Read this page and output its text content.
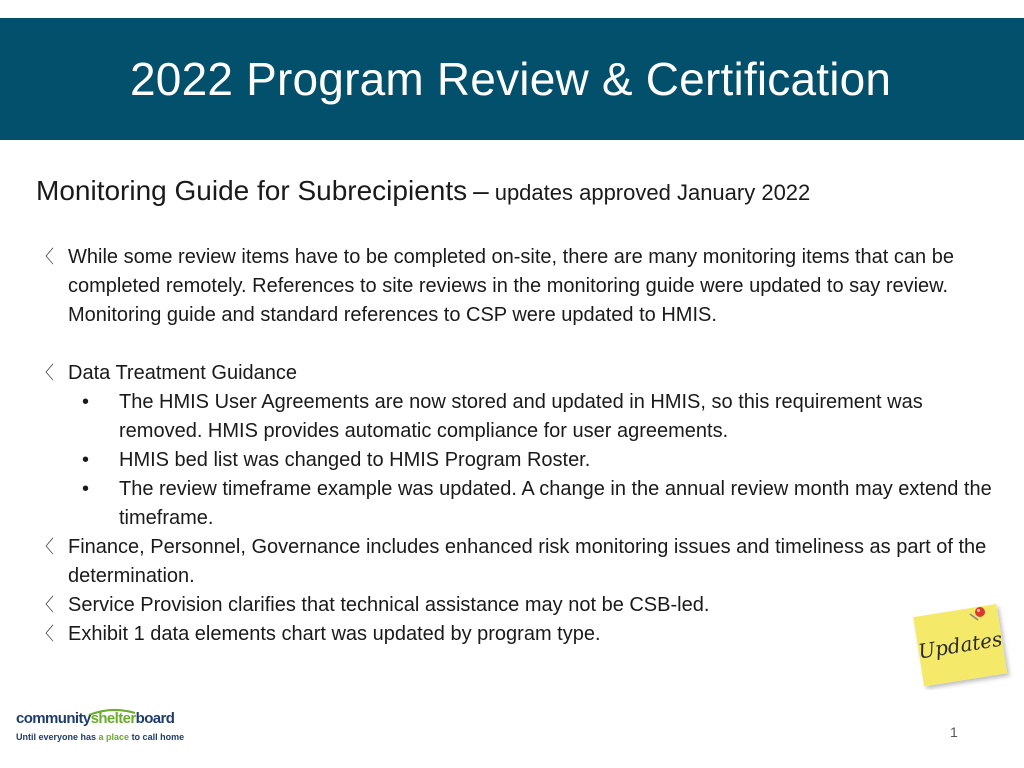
2022 Program Review & Certification
Monitoring Guide for Subrecipients – updates approved January 2022
〈 While some review items have to be completed on-site, there are many monitoring items that can be completed remotely. References to site reviews in the monitoring guide were updated to say review. Monitoring guide and standard references to CSP were updated to HMIS.
〈 Data Treatment Guidance
• The HMIS User Agreements are now stored and updated in HMIS, so this requirement was removed. HMIS provides automatic compliance for user agreements.
• HMIS bed list was changed to HMIS Program Roster.
• The review timeframe example was updated. A change in the annual review month may extend the timeframe.
〈 Finance, Personnel, Governance includes enhanced risk monitoring issues and timeliness as part of the determination.
〈 Service Provision clarifies that technical assistance may not be CSB-led.
〈 Exhibit 1 data elements chart was updated by program type.	Updates
communityshelterboard
Until everyone has a place to call home	1
